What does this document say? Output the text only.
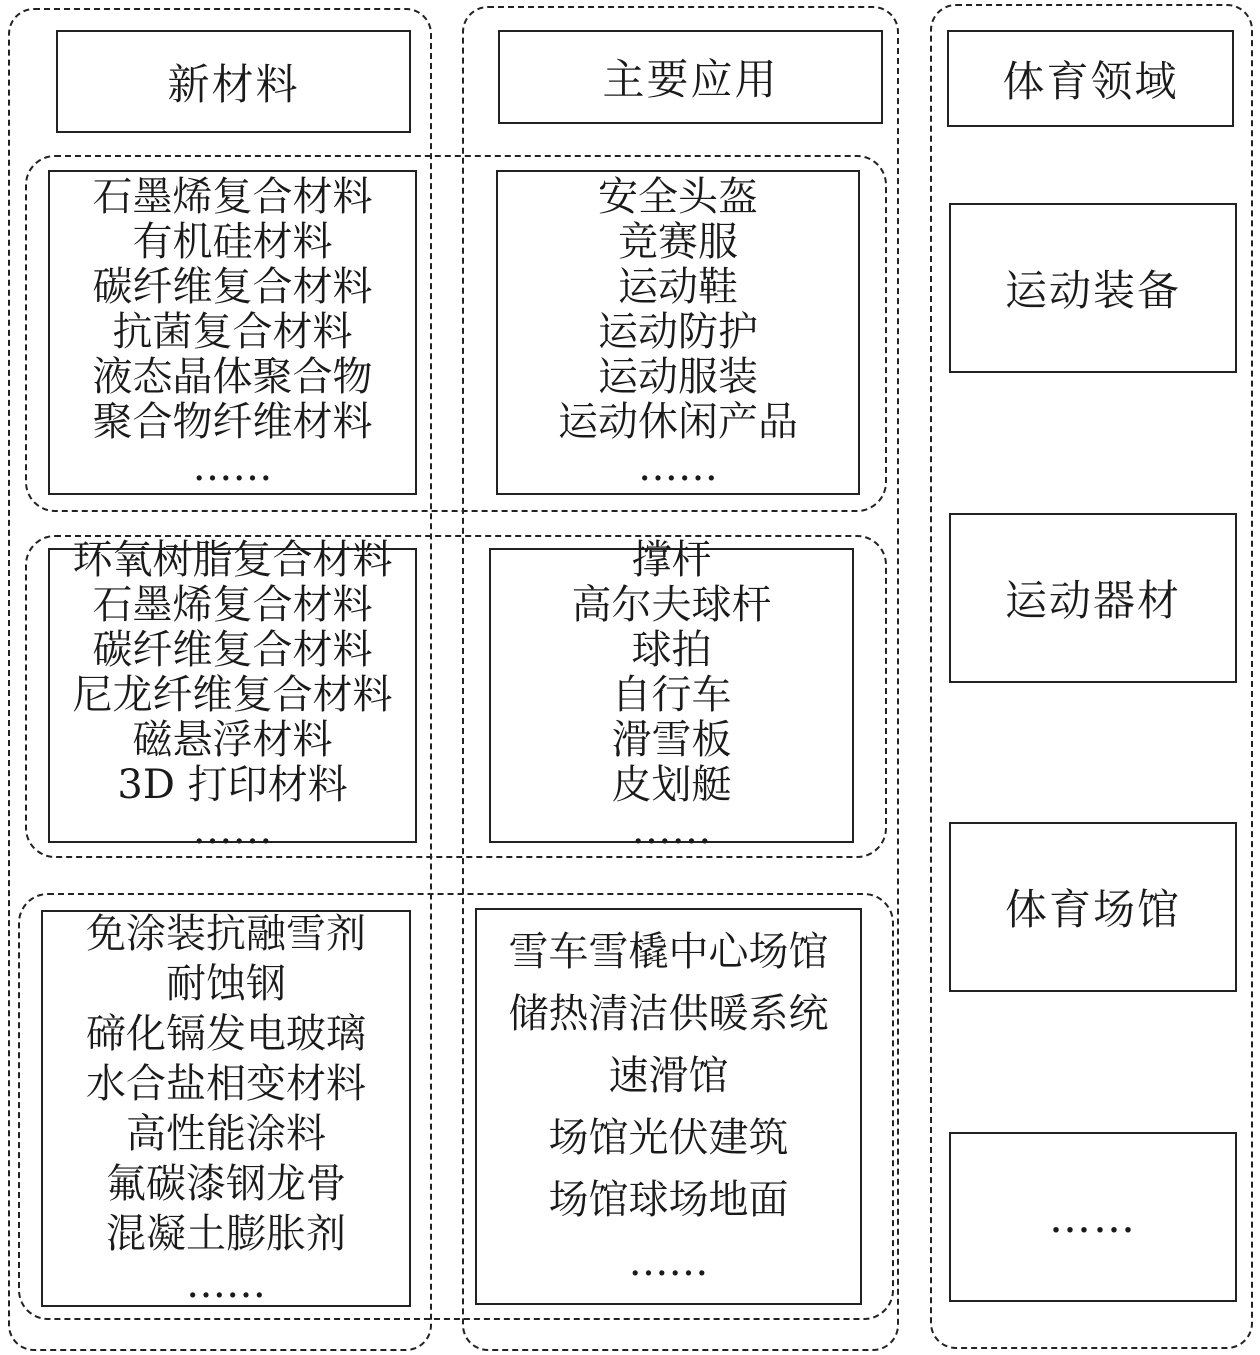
新材料	主要应用	体育领域
石墨烯复合材料
有机硅材料
碳纤维复合材料
抗菌复合材料
液态晶体聚合物
聚合物纤维材料
……
安全头盔
竞赛服
运动鞋
运动防护
运动服装
运动休闲产品
……
环氧树脂复合材料
石墨烯复合材料
碳纤维复合材料
尼龙纤维复合材料
磁悬浮材料
3D 打印材料
……
撑杆
高尔夫球杆
球拍
自行车
滑雪板
皮划艇
……
免涂装抗融雪剂
耐蚀钢
碲化镉发电玻璃
水合盐相变材料
高性能涂料
氟碳漆钢龙骨
混凝土膨胀剂
……
雪车雪橇中心场馆
储热清洁供暖系统
速滑馆
场馆光伏建筑
场馆球场地面
……
运动装备
运动器材
体育场馆
……
